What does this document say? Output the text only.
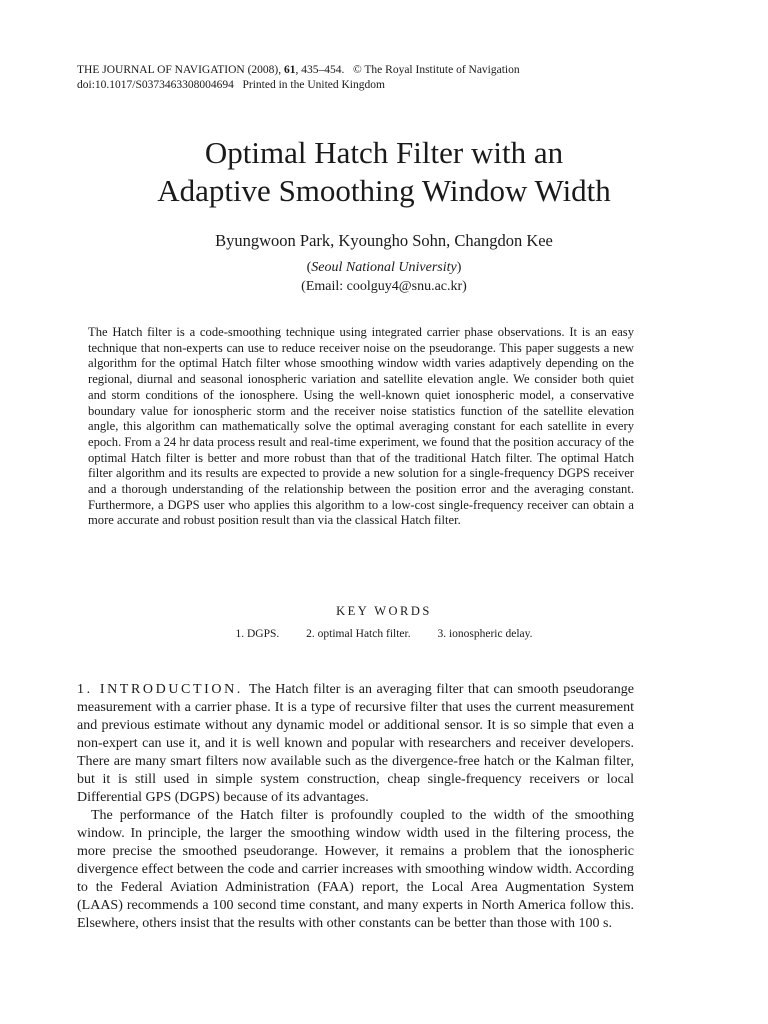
THE JOURNAL OF NAVIGATION (2008), 61, 435–454. © The Royal Institute of Navigation
doi:10.1017/S0373463308004694 Printed in the United Kingdom
Optimal Hatch Filter with an
Adaptive Smoothing Window Width
Byungwoon Park, Kyoungho Sohn, Changdon Kee
(Seoul National University)
(Email: coolguy4@snu.ac.kr)

The Hatch filter is a code-smoothing technique using integrated carrier phase observations. It is an easy technique that non-experts can use to reduce receiver noise on the pseudorange. This paper suggests a new algorithm for the optimal Hatch filter whose smoothing window width varies adaptively depending on the regional, diurnal and seasonal ionospheric variation and satellite elevation angle. We consider both quiet and storm conditions of the ionosphere. Using the well-known quiet ionospheric model, a conservative boundary value for ionospheric storm and the receiver noise statistics function of the satellite elevation angle, this algorithm can mathematically solve the optimal averaging constant for each satellite in every epoch. From a 24 hr data process result and real-time experiment, we found that the position accuracy of the optimal Hatch filter is better and more robust than that of the traditional Hatch filter. The optimal Hatch filter algorithm and its results are expected to provide a new solution for a single-frequency DGPS receiver and a thorough understanding of the relationship between the position error and the averaging constant. Furthermore, a DGPS user who applies this algorithm to a low-cost single-frequency receiver can obtain a more accurate and robust position result than via the classical Hatch filter.

KEY WORDS
1. DGPS. 2. optimal Hatch filter. 3. ionospheric delay.

1. INTRODUCTION. The Hatch filter is an averaging filter that can smooth pseudorange measurement with a carrier phase. It is a type of recursive filter that uses the current measurement and previous estimate without any dynamic model or additional sensor. It is so simple that even a non-expert can use it, and it is well known and popular with researchers and receiver developers. There are many smart filters now available such as the divergence-free hatch or the Kalman filter, but it is still used in simple system construction, cheap single-frequency receivers or local Differential GPS (DGPS) because of its advantages.

The performance of the Hatch filter is profoundly coupled to the width of the smoothing window. In principle, the larger the smoothing window width used in the filtering process, the more precise the smoothed pseudorange. However, it remains a problem that the ionospheric divergence effect between the code and carrier increases with smoothing window width. According to the Federal Aviation Administration (FAA) report, the Local Area Augmentation System (LAAS) recommends a 100 second time constant, and many experts in North America follow this. Elsewhere, others insist that the results with other constants can be better than those with 100 s.
